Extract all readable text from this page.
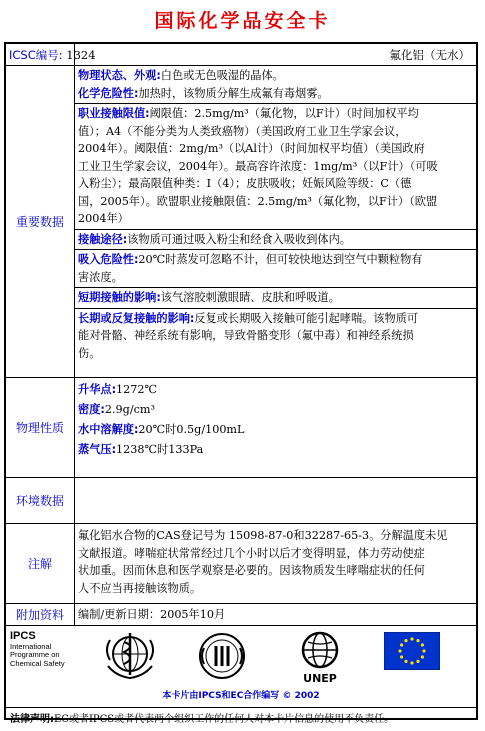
国际化学品安全卡
ICSC编号: 1324	氟化铝（无水）
重要数据
物理状态、外观:白色或无色吸湿的晶体。
化学危险性:加热时，该物质分解生成氟有毒烟雾。
职业接触限值:阈限值：2.5mg/m³（氟化物，以F计）（时间加权平均
值）；A4（不能分类为人类致癌物）（美国政府工业卫生学家会议，
2004年）。阈限值：2mg/m³（以Al计）（时间加权平均值）（美国政府
工业卫生学家会议，2004年）。最高容许浓度：1mg/m³（以F计）（可吸
入粉尘）；最高限值种类：I（4）；皮肤吸收；妊娠风险等级：C（德
国，2005年）。欧盟职业接触限值：2.5mg/m³（氟化物，以F计）（欧盟
2004年）
接触途径:该物质可通过吸入粉尘和经食入吸收到体内。
吸入危险性:20℃时蒸发可忽略不计，但可较快地达到空气中颗粒物有
害浓度。
短期接触的影响:该气溶胶刺激眼睛、皮肤和呼吸道。
长期或反复接触的影响:反复或长期吸入接触可能引起哮喘。该物质可
能对骨骼、神经系统有影响，导致骨骼变形（氟中毒）和神经系统损
伤。
物理性质
升华点:1272℃
密度:2.9g/cm³
水中溶解度:20℃时0.5g/100mL
蒸气压:1238℃时133Pa
环境数据
注解
氟化铝水合物的CAS登记号为 15098-87-0和32287-65-3。分解温度未见
文献报道。哮喘症状常常经过几个小时以后才变得明显，体力劳动使症
状加重。因而休息和医学观察是必要的。因该物质发生哮喘症状的任何
人不应当再接触该物质。
附加资料	编制/更新日期：2005年10月
IPCS
International
Programme on
Chemical Safety
UNEP
本卡片由IPCS和EC合作编写 © 2002
法律声明:EC或者IPCS或者代表两个组织工作的任何人对本卡片信息的使用不负责任。
